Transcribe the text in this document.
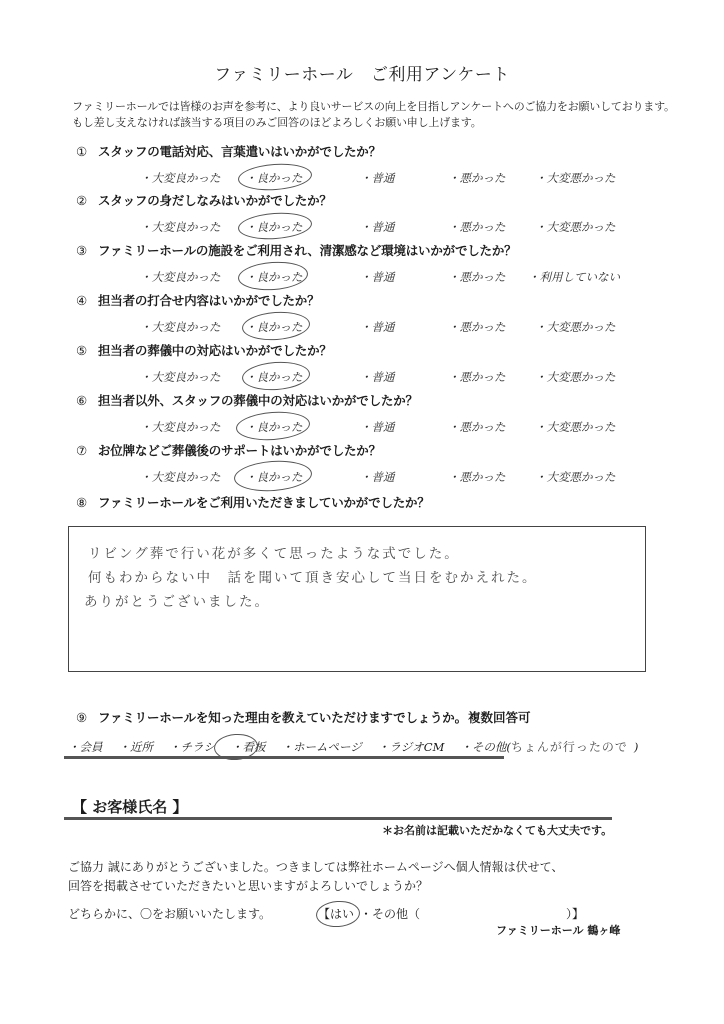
ファミリーホール　ご利用アンケート
ファミリーホールでは皆様のお声を参考に、より良いサービスの向上を目指しアンケートへのご協力をお願いしております。
もし差し支えなければ該当する項目のみご回答のほどよろしくお願い申し上げます。
① スタッフの電話対応、言葉遣いはいかがでしたか？
・大変良かった ・良かった	・普通	・悪かった	・大変悪かった
② スタッフの身だしなみはいかがでしたか？
・大変良かった ・良かった	・普通	・悪かった	・大変悪かった
③ ファミリーホールの施設をご利用され、清潔感など環境はいかがでしたか？
・大変良かった ・良かった	・普通	・悪かった ・利用していない
④ 担当者の打合せ内容はいかがでしたか？
・大変良かった ・良かった	・普通	・悪かった	・大変悪かった
⑤ 担当者の葬儀中の対応はいかがでしたか？
・大変良かった ・良かった	・普通	・悪かった	・大変悪かった
⑥ 担当者以外、スタッフの葬儀中の対応はいかがでしたか？
・大変良かった ・良かった	・普通	・悪かった	・大変悪かった
⑦ お位牌などご葬儀後のサポートはいかがでしたか？
・大変良かった ・良かった	・普通	・悪かった	・大変悪かった
⑧ ファミリーホールをご利用いただきましていかがでしたか？
リビング葬で行い花が多くて思ったような式でした。
何もわからない中　話を聞いて頂き安心して当日をむかえれた。
ありがとうございました。
⑨ ファミリーホールを知った理由を教えていただけますでしょうか。 複数回答可
・会員 ・近所 ・チラシ ・看板 ・ホームページ ・ラジオCM ・その他(ちょんが行ったので )
【 お客様氏名 】
＊お名前は記載いただかなくても大丈夫です。
ご協力 誠にありがとうございました。つきましては弊社ホームページへ個人情報は伏せて、
回答を掲載させていただきたいと思いますがよろしいでしょうか？
どちらかに、〇をお願いいたします。	【はい ・その他（	）】
ファミリーホール 鶴ヶ峰
